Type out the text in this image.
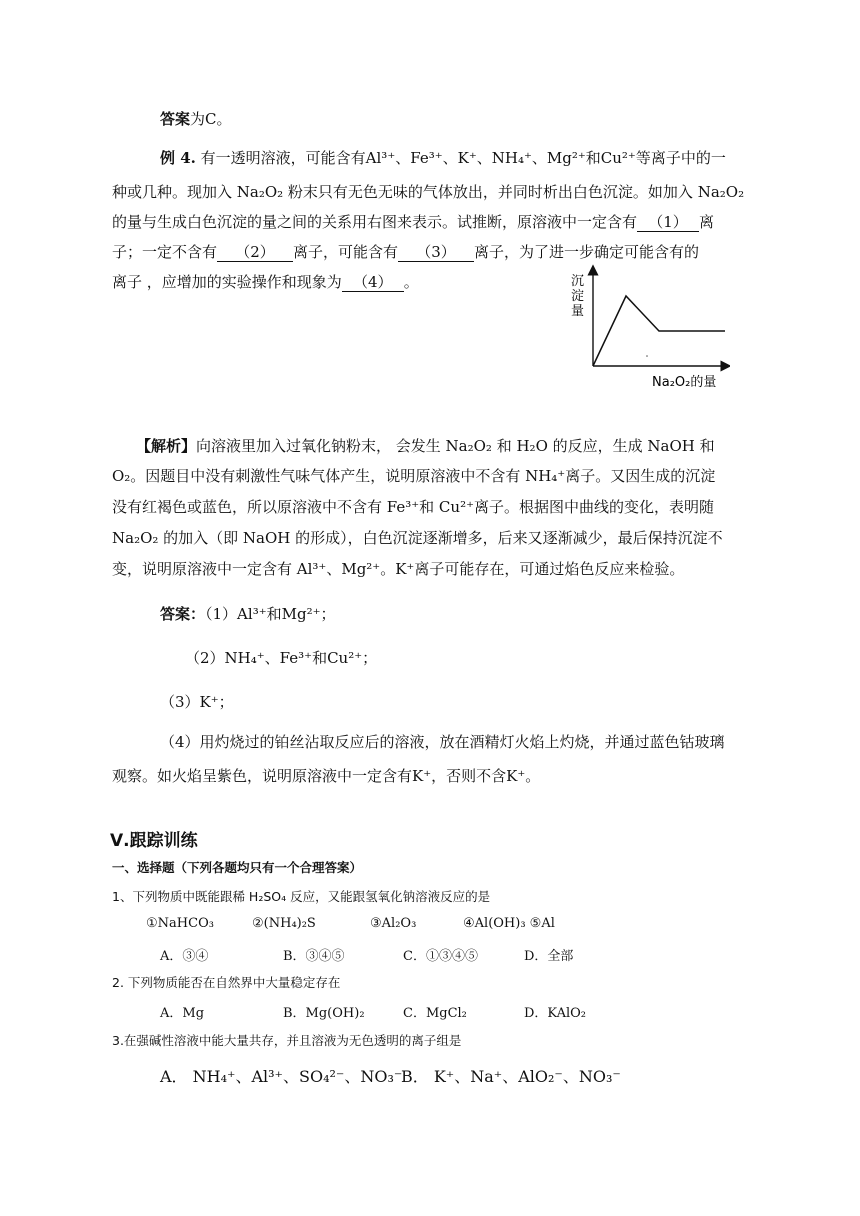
答案为C。
例 4. 有一透明溶液，可能含有Al³⁺、Fe³⁺、K⁺、NH₄⁺、Mg²⁺和Cu²⁺等离子中的一
种或几种。现加入 Na₂O₂ 粉末只有无色无味的气体放出，并同时析出白色沉淀。如加入 Na₂O₂
的量与生成白色沉淀的量之间的关系用右图来表示。试推断，原溶液中一定含有 （1） 离
子；一定不含有 （2） 离子，可能含有 （3） 离子，为了进一步确定可能含有的
离子 ，应增加的实验操作和现象为 （4） 。	沉淀量
Na₂O₂的量
【解析】向溶液里加入过氧化钠粉末， 会发生 Na₂O₂ 和 H₂O 的反应，生成 NaOH 和
O₂。因题目中没有刺激性气味气体产生，说明原溶液中不含有 NH₄⁺离子。又因生成的沉淀
没有红褐色或蓝色，所以原溶液中不含有 Fe³⁺和 Cu²⁺离子。根据图中曲线的变化，表明随
Na₂O₂ 的加入（即 NaOH 的形成），白色沉淀逐渐增多，后来又逐渐减少，最后保持沉淀不
变，说明原溶液中一定含有 Al³⁺、Mg²⁺。K⁺离子可能存在，可通过焰色反应来检验。
答案：（1）Al³⁺和Mg²⁺；
（2）NH₄⁺、Fe³⁺和Cu²⁺；
（3）K⁺；
（4）用灼烧过的铂丝沾取反应后的溶液，放在酒精灯火焰上灼烧，并通过蓝色钴玻璃
观察。如火焰呈紫色，说明原溶液中一定含有K⁺，否则不含K⁺。
Ⅴ.跟踪训练
一、选择题（下列各题均只有一个合理答案）
1、下列物质中既能跟稀 H₂SO₄ 反应，又能跟氢氧化钠溶液反应的是
①NaHCO₃	②(NH₄)₂S	③Al₂O₃	④Al(OH)₃ ⑤Al
A．③④	B．③④⑤	C．①③④⑤	D．全部
2. 下列物质能否在自然界中大量稳定存在
A．Mg	B．Mg(OH)₂	C．MgCl₂	D．KAlO₂
3.在强碱性溶液中能大量共存，并且溶液为无色透明的离子组是
A． NH₄⁺、Al³⁺、SO₄²⁻、NO₃⁻
B． K⁺、Na⁺、AlO₂⁻、NO₃⁻
